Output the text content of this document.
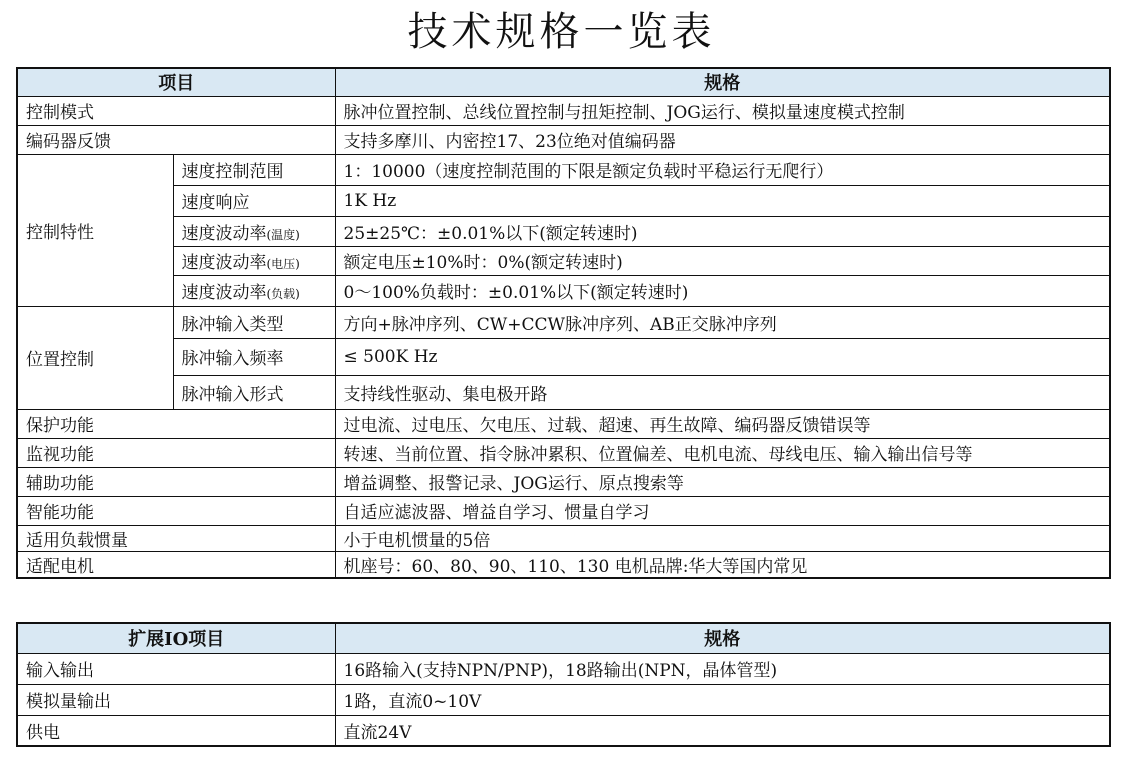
技术规格一览表
项目		规格
控制模式		脉冲位置控制、总线位置控制与扭矩控制、JOG运行、模拟量速度模式控制
编码器反馈		支持多摩川、内密控17、23位绝对值编码器
控制特性	速度控制范围	1：10000（速度控制范围的下限是额定负载时平稳运行无爬行）
	速度响应	1K Hz
	速度波动率(温度)	25±25℃：±0.01%以下(额定转速时)
	速度波动率(电压)	额定电压±10%时：0%(额定转速时)
	速度波动率(负载)	0～100%负载时：±0.01%以下(额定转速时)
位置控制	脉冲输入类型	方向+脉冲序列、CW+CCW脉冲序列、AB正交脉冲序列
	脉冲输入频率	≤ 500K Hz
	脉冲输入形式	支持线性驱动、集电极开路
保护功能		过电流、过电压、欠电压、过载、超速、再生故障、编码器反馈错误等
监视功能		转速、当前位置、指令脉冲累积、位置偏差、电机电流、母线电压、输入输出信号等
辅助功能		增益调整、报警记录、JOG运行、原点搜索等
智能功能		自适应滤波器、增益自学习、惯量自学习
适用负载惯量		小于电机惯量的5倍
适配电机		机座号：60、80、90、110、130 电机品牌:华大等国内常见
扩展IO项目	规格
输入输出	16路输入(支持NPN/PNP)，18路输出(NPN，晶体管型)
模拟量输出	1路，直流0~10V
供电	直流24V
